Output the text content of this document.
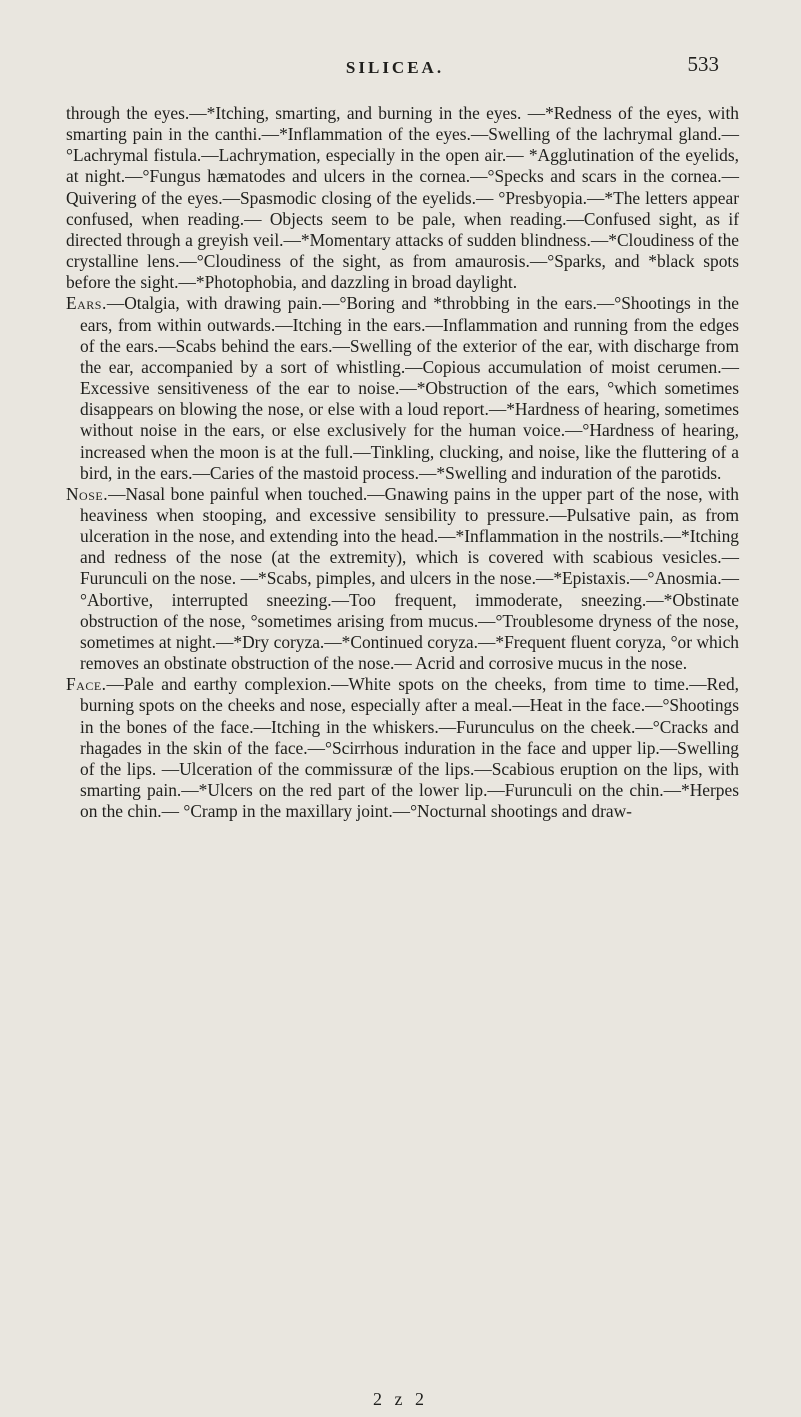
SILICEA.	533

through the eyes.—*Itching, smarting, and burning in the eyes. —*Redness of the eyes, with smarting pain in the canthi.—*Inflammation of the eyes.—Swelling of the lachrymal gland.—°Lachrymal fistula.—Lachrymation, especially in the open air.— *Agglutination of the eyelids, at night.—°Fungus hæmatodes and ulcers in the cornea.—°Specks and scars in the cornea.— Quivering of the eyes.—Spasmodic closing of the eyelids.— °Presbyopia.—*The letters appear confused, when reading.— Objects seem to be pale, when reading.—Confused sight, as if directed through a greyish veil.—*Momentary attacks of sudden blindness.—*Cloudiness of the crystalline lens.—°Cloudiness of the sight, as from amaurosis.—°Sparks, and *black spots before the sight.—*Photophobia, and dazzling in broad daylight.

Ears.—Otalgia, with drawing pain.—°Boring and *throbbing in the ears.—°Shootings in the ears, from within outwards.—Itching in the ears.—Inflammation and running from the edges of the ears.—Scabs behind the ears.—Swelling of the exterior of the ear, with discharge from the ear, accompanied by a sort of whistling.—Copious accumulation of moist cerumen.—Excessive sensitiveness of the ear to noise.—*Obstruction of the ears, °which sometimes disappears on blowing the nose, or else with a loud report.—*Hardness of hearing, sometimes without noise in the ears, or else exclusively for the human voice.—°Hardness of hearing, increased when the moon is at the full.—Tinkling, clucking, and noise, like the fluttering of a bird, in the ears.—Caries of the mastoid process.—*Swelling and induration of the parotids.

Nose.—Nasal bone painful when touched.—Gnawing pains in the upper part of the nose, with heaviness when stooping, and excessive sensibility to pressure.—Pulsative pain, as from ulceration in the nose, and extending into the head.—*Inflammation in the nostrils.—*Itching and redness of the nose (at the extremity), which is covered with scabious vesicles.—Furunculi on the nose. —*Scabs, pimples, and ulcers in the nose.—*Epistaxis.—°Anosmia.—°Abortive, interrupted sneezing.—Too frequent, immoderate, sneezing.—*Obstinate obstruction of the nose, °sometimes arising from mucus.—°Troublesome dryness of the nose, sometimes at night.—*Dry coryza.—*Continued coryza.—*Frequent fluent coryza, °or which removes an obstinate obstruction of the nose.— Acrid and corrosive mucus in the nose.

Face.—Pale and earthy complexion.—White spots on the cheeks, from time to time.—Red, burning spots on the cheeks and nose, especially after a meal.—Heat in the face.—°Shootings in the bones of the face.—Itching in the whiskers.—Furunculus on the cheek.—°Cracks and rhagades in the skin of the face.—°Scirrhous induration in the face and upper lip.—Swelling of the lips. —Ulceration of the commissuræ of the lips.—Scabious eruption on the lips, with smarting pain.—*Ulcers on the red part of the lower lip.—Furunculi on the chin.—*Herpes on the chin.— °Cramp in the maxillary joint.—°Nocturnal shootings and draw-

2 z 2
